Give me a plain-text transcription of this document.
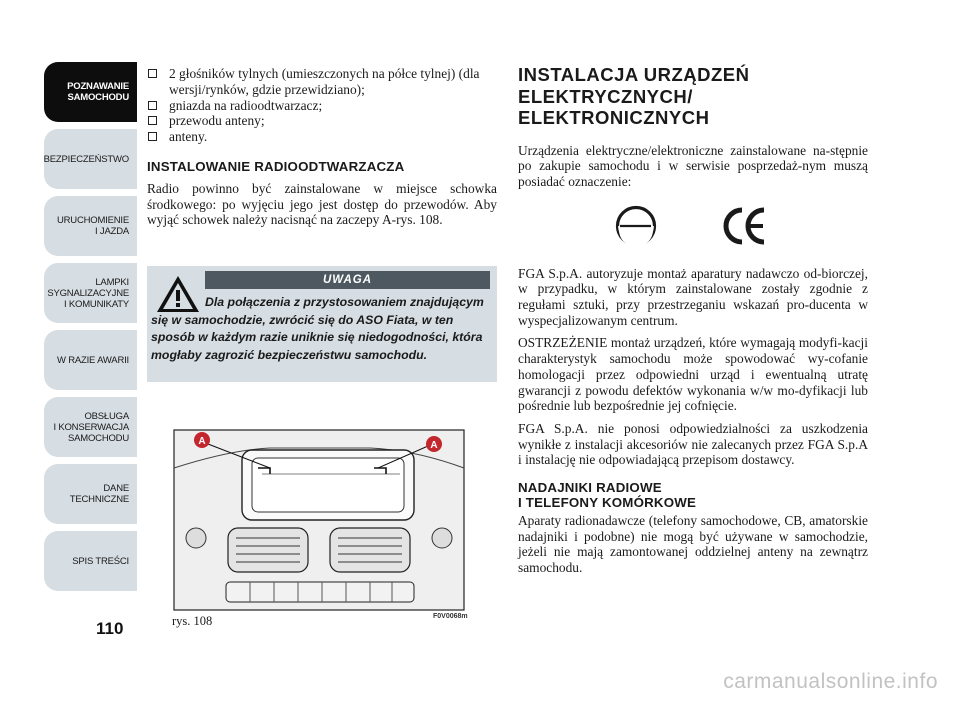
POZNAWANIE
SAMOCHODU
BEZPIECZEŃSTWO
URUCHOMIENIE
I JAZDA
LAMPKI
SYGNALIZACYJNE
I KOMUNIKATY
W RAZIE AWARII
OBSŁUGA
I KONSERWACJA
SAMOCHODU
DANE
TECHNICZNE
SPIS TREŚCI
110
2 głośników tylnych (umieszczonych na półce tylnej) (dla wersji/rynków, gdzie przewidziano);
gniazda na radioodtwarzacz;
przewodu anteny;
anteny.
INSTALOWANIE RADIOODTWARZACZA

Radio powinno być zainstalowane w miejsce schowka środkowego: po wyjęciu jego jest dostęp do przewodów. Aby wyjąć schowek należy nacisnąć na zaczepy A-rys. 108.

UWAGA
Dla połączenia z przystosowaniem znajdującym się w samochodzie, zwrócić się do ASO Fiata, w ten sposób w każdym razie uniknie się niedogodności, która mogłaby zagrozić bezpieczeństwu samochodu.
A	A
rys. 108	F0V0068m
INSTALACJA URZĄDZEŃ
ELEKTRYCZNYCH/
ELEKTRONICZNYCH

Urządzenia elektryczne/elektroniczne zainstalowane na-stępnie po zakupie samochodu i w serwisie posprzedaż-nym muszą posiadać oznaczenie:

e	CE

FGA S.p.A. autoryzuje montaż aparatury nadawczo od-biorczej, w przypadku, w którym zainstalowane zostały zgodnie z regułami sztuki, przy przestrzeganiu wskazań pro-ducenta w wyspecjalizowanym centrum.

OSTRZEŻENIE montaż urządzeń, które wymagają modyfi-kacji charakterystyk samochodu może spowodować wy-cofanie homologacji przez odpowiedni urząd i ewentualną utratę gwarancji z powodu defektów wykonania w/w mo-dyfikacji lub pośrednie lub bezpośrednie jej cofnięcie.

FGA S.p.A. nie ponosi odpowiedzialności za uszkodzenia wynikłe z instalacji akcesoriów nie zalecanych przez FGA S.p.A i instalację nie odpowiadającą przepisom dostawcy.

NADAJNIKI RADIOWE
I TELEFONY KOMÓRKOWE

Aparaty radionadawcze (telefony samochodowe, CB, amatorskie nadajniki i podobne) nie mogą być używane w samochodzie, jeżeli nie mają zamontowanej oddzielnej anteny na zewnątrz samochodu.

carmanualsonline.info
